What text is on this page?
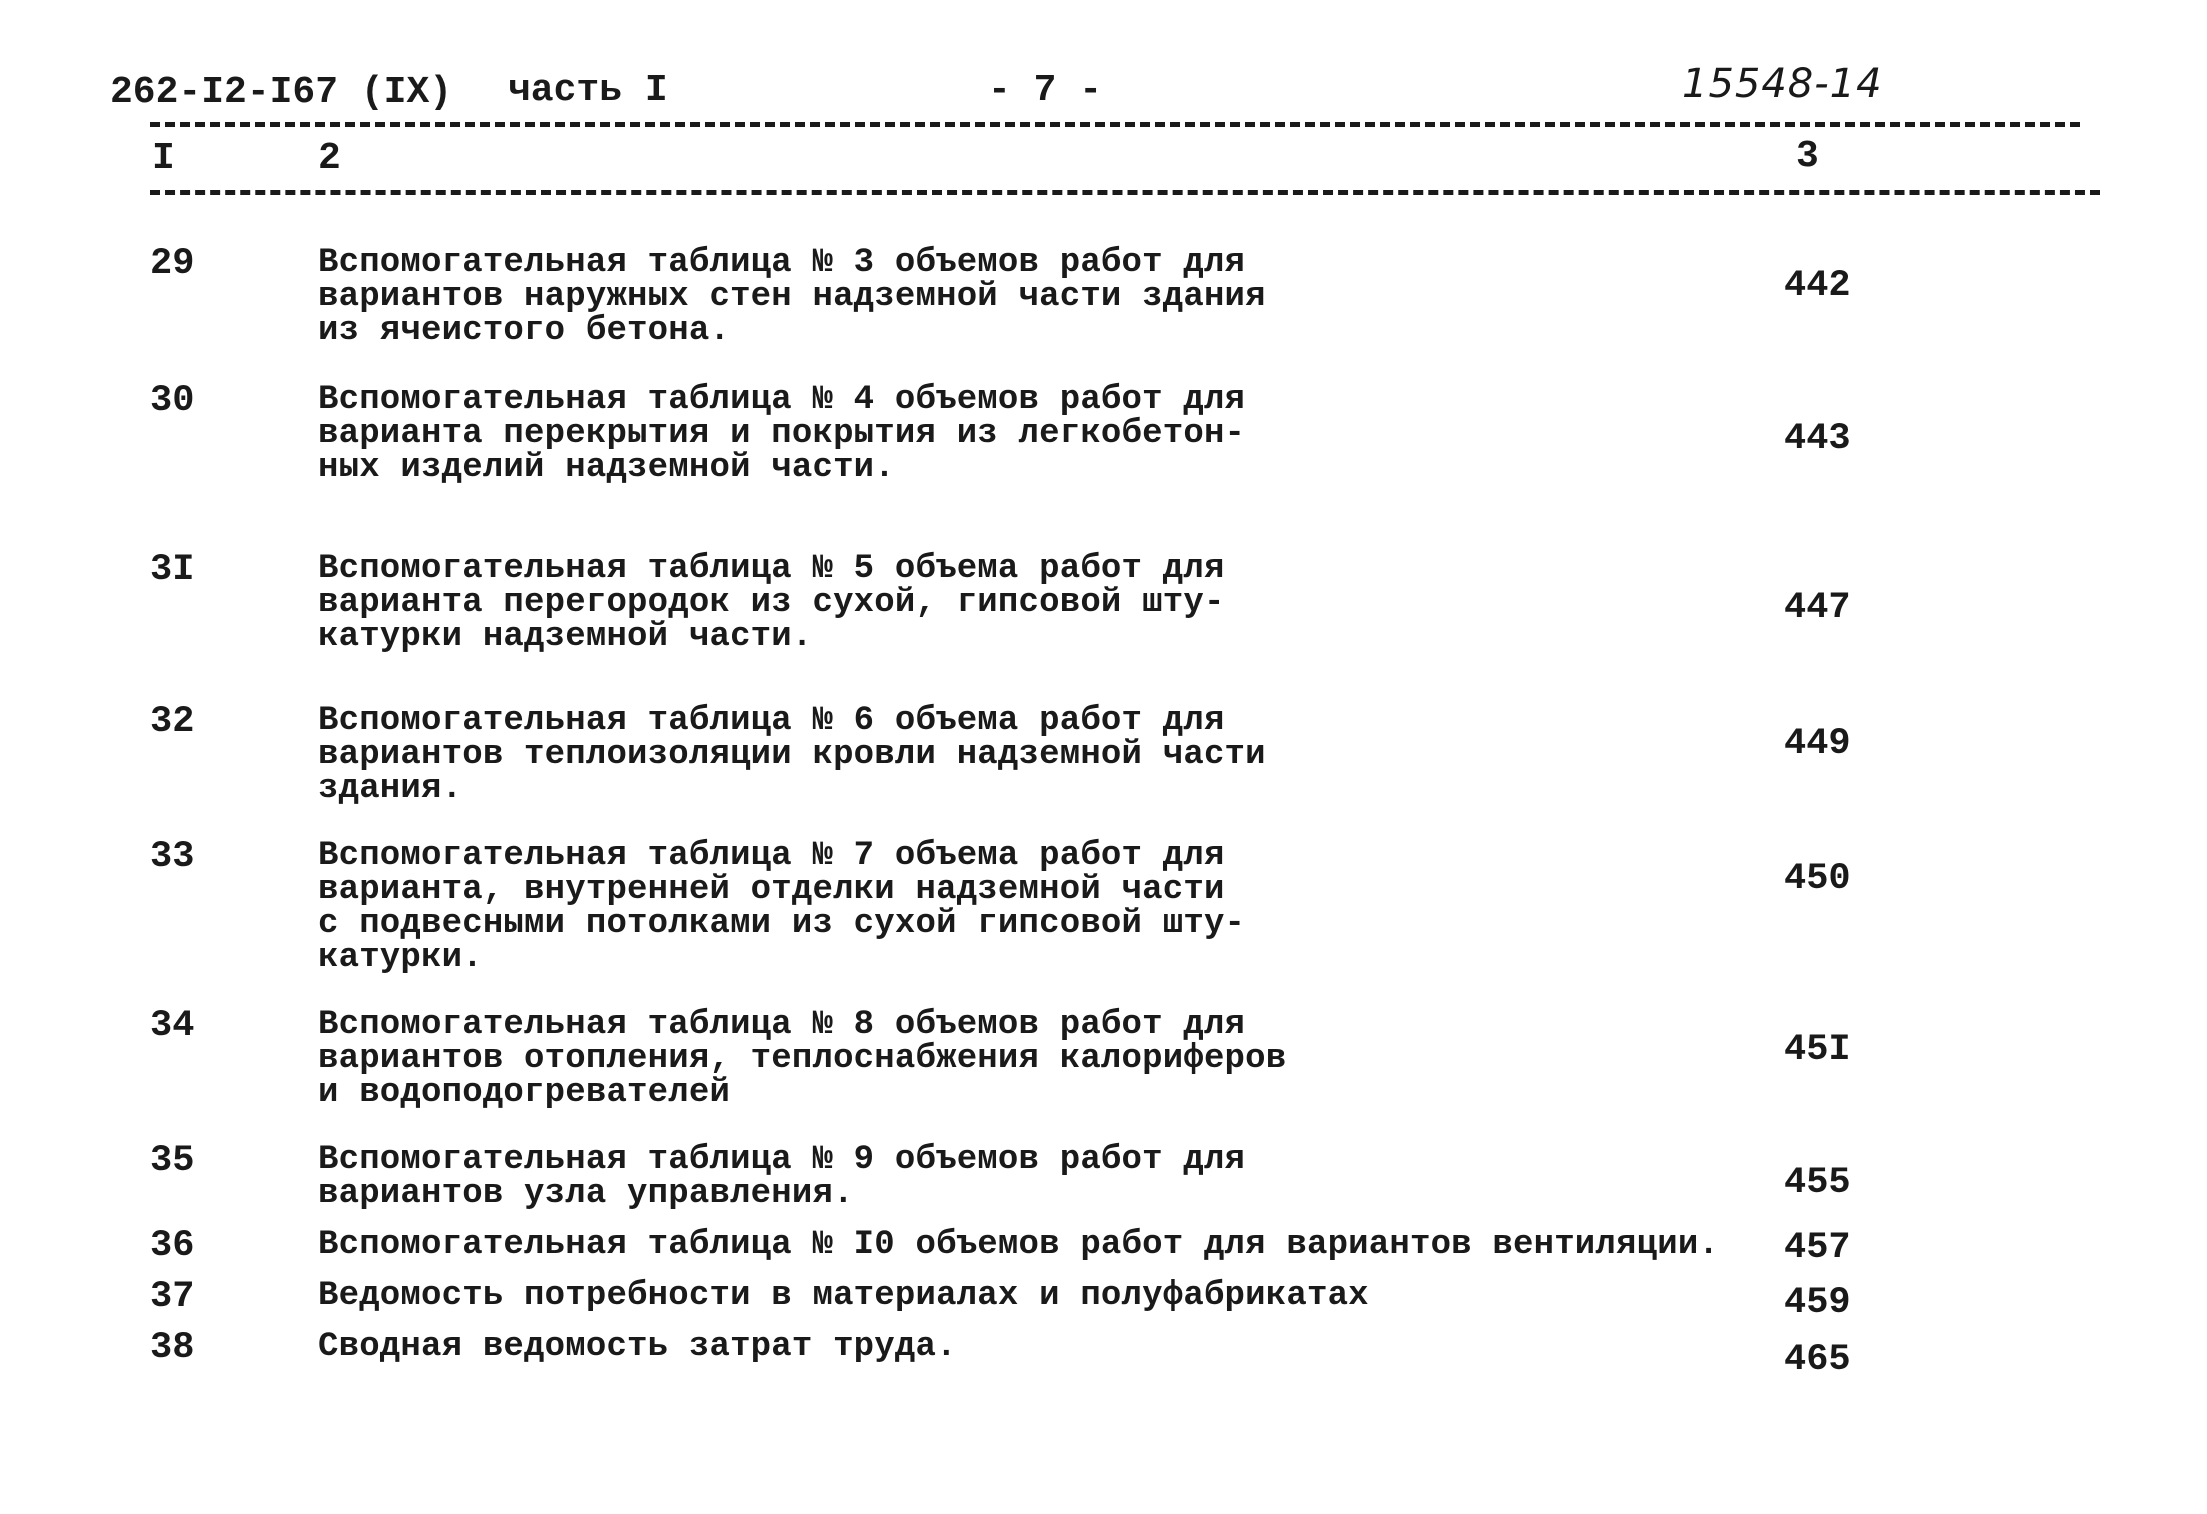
262-I2-I67 (IX) часть I	- 7 -	15548-14
I	2	3
29	Вспомогательная таблица № 3 объемов работ для
вариантов наружных стен надземной части здания
из ячеистого бетона.
442
30	Вспомогательная таблица № 4 объемов работ для
варианта перекрытия и покрытия из легкобетон-
ных изделий надземной части.
443
3I	Вспомогательная таблица № 5 объема работ для
варианта перегородок из сухой, гипсовой шту-
катурки надземной части.
447
32	Вспомогательная таблица № 6 объема работ для
вариантов теплоизоляции кровли надземной части
здания.
449
33	Вспомогательная таблица № 7 объема работ для
варианта, внутренней отделки надземной части
с подвесными потолками из сухой гипсовой шту-
катурки.
450
34	Вспомогательная таблица № 8 объемов работ для
вариантов отопления, теплоснабжения калориферов
и водоподогревателей
45I
35	Вспомогательная таблица № 9 объемов работ для
вариантов узла управления.	455
36	Вспомогательная таблица № I0 объемов работ для вариантов вентиляции.	457
37	Ведомость потребности в материалах и полуфабрикатах	459
38	Сводная ведомость затрат труда.	465
